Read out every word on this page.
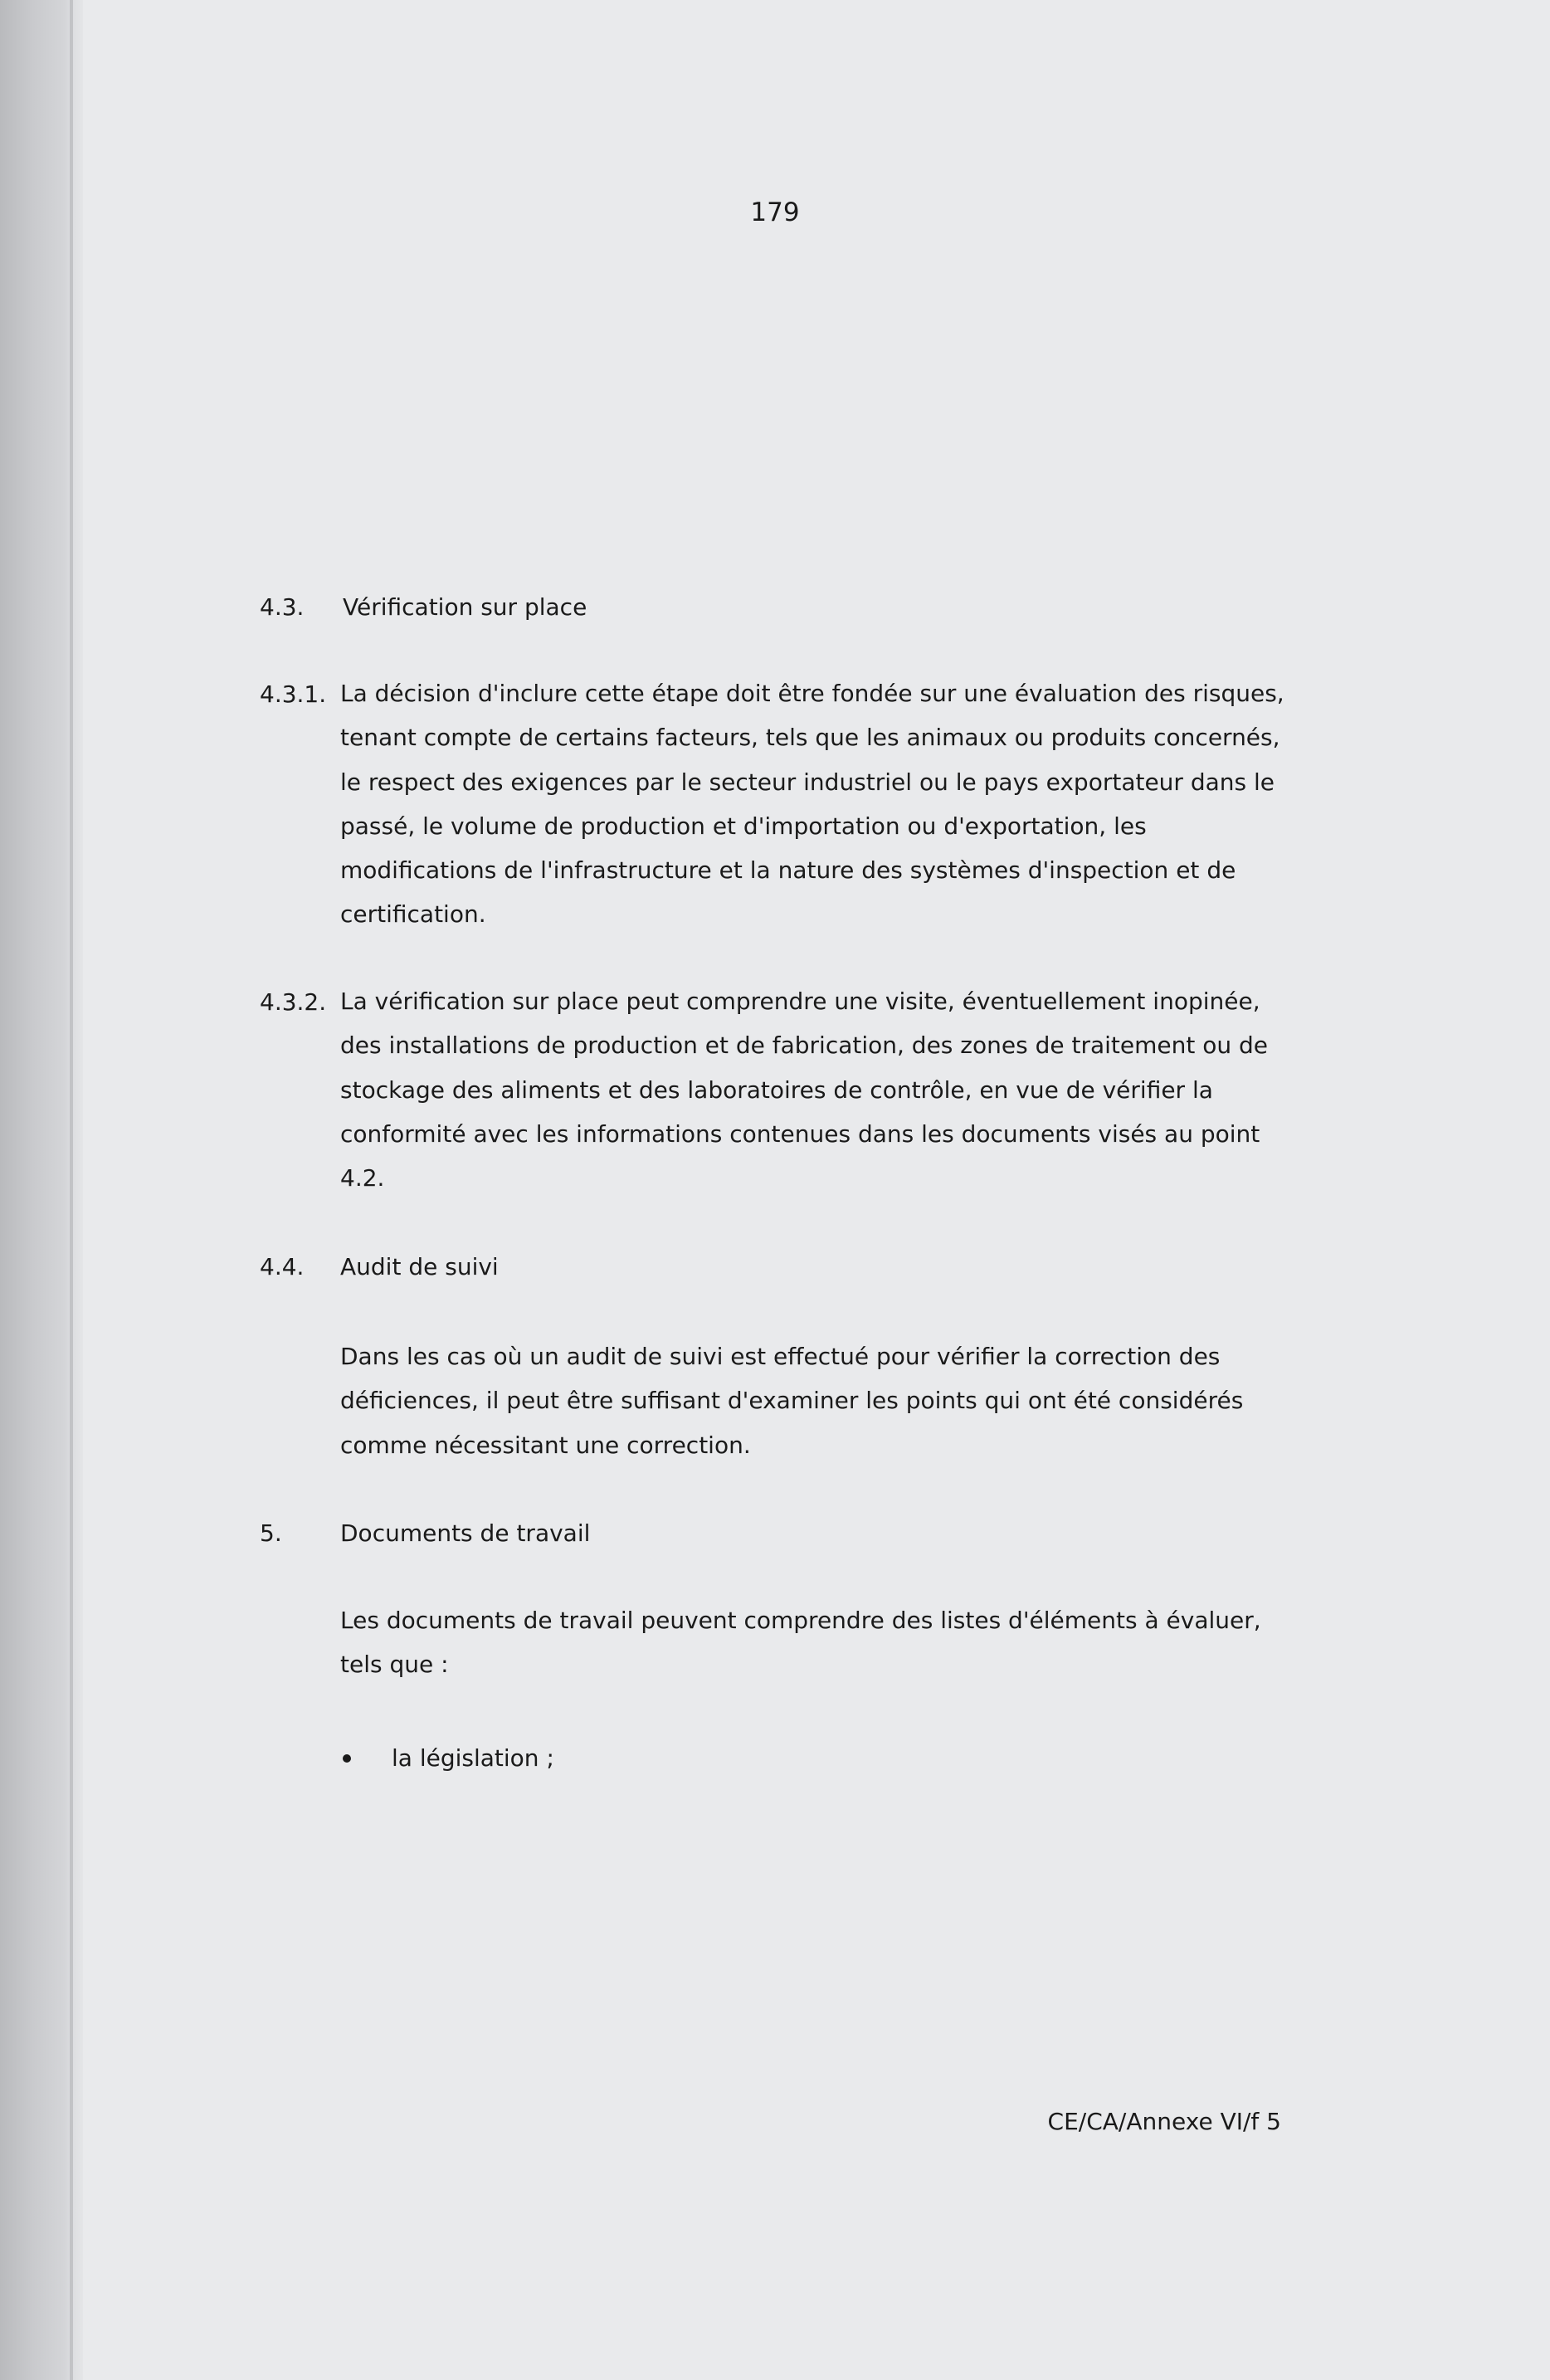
179
4.3. Vérification sur place
4.3.1. La décision d'inclure cette étape doit être fondée sur une évaluation des risques, tenant compte de certains facteurs, tels que les animaux ou produits concernés, le respect des exigences par le secteur industriel ou le pays exportateur dans le passé, le volume de production et d'importation ou d'exportation, les modifications de l'infrastructure et la nature des systèmes d'inspection et de certification.

4.3.2. La vérification sur place peut comprendre une visite, éventuellement inopinée, des installations de production et de fabrication, des zones de traitement ou de stockage des aliments et des laboratoires de contrôle, en vue de vérifier la conformité avec les informations contenues dans les documents visés au point 4.2.

4.4. Audit de suivi

Dans les cas où un audit de suivi est effectué pour vérifier la correction des déficiences, il peut être suffisant d'examiner les points qui ont été considérés comme nécessitant une correction.

5.	Documents de travail

Les documents de travail peuvent comprendre des listes d'éléments à évaluer, tels que :

la législation ;
CE/CA/Annexe VI/f 5
